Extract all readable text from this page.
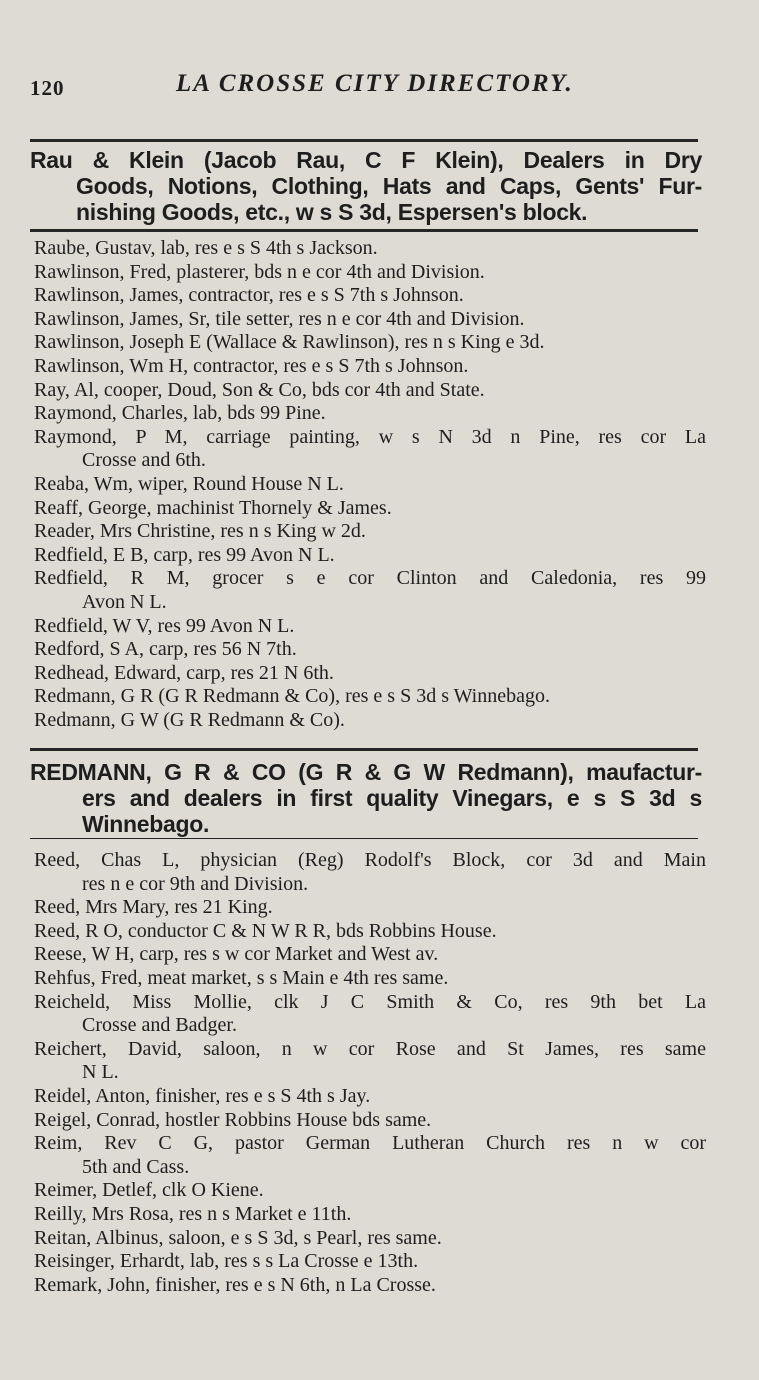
120	LA CROSSE CITY DIRECTORY.
Rau & Klein (Jacob Rau, C F Klein), Dealers in Dry
Goods, Notions, Clothing, Hats and Caps, Gents' Fur-
nishing Goods, etc., w s S 3d, Espersen's block.
Raube, Gustav, lab, res e s S 4th s Jackson.
Rawlinson, Fred, plasterer, bds n e cor 4th and Division.
Rawlinson, James, contractor, res e s S 7th s Johnson.
Rawlinson, James, Sr, tile setter, res n e cor 4th and Division.
Rawlinson, Joseph E (Wallace & Rawlinson), res n s King e 3d.
Rawlinson, Wm H, contractor, res e s S 7th s Johnson.
Ray, Al, cooper, Doud, Son & Co, bds cor 4th and State.
Raymond, Charles, lab, bds 99 Pine.
Raymond, P M, carriage painting, w s N 3d n Pine, res cor La
Crosse and 6th.
Reaba, Wm, wiper, Round House N L.
Reaff, George, machinist Thornely & James.
Reader, Mrs Christine, res n s King w 2d.
Redfield, E B, carp, res 99 Avon N L.
Redfield, R M, grocer s e cor Clinton and Caledonia, res 99
Avon N L.
Redfield, W V, res 99 Avon N L.
Redford, S A, carp, res 56 N 7th.
Redhead, Edward, carp, res 21 N 6th.
Redmann, G R (G R Redmann & Co), res e s S 3d s Winnebago.
Redmann, G W (G R Redmann & Co).
REDMANN, G R & CO (G R & G W Redmann), maufactur-
ers and dealers in first quality Vinegars, e s S 3d s
Winnebago.
Reed, Chas L, physician (Reg) Rodolf's Block, cor 3d and Main
res n e cor 9th and Division.
Reed, Mrs Mary, res 21 King.
Reed, R O, conductor C & N W R R, bds Robbins House.
Reese, W H, carp, res s w cor Market and West av.
Rehfus, Fred, meat market, s s Main e 4th res same.
Reicheld, Miss Mollie, clk J C Smith & Co, res 9th bet La
Crosse and Badger.
Reichert, David, saloon, n w cor Rose and St James, res same
N L.
Reidel, Anton, finisher, res e s S 4th s Jay.
Reigel, Conrad, hostler Robbins House bds same.
Reim, Rev C G, pastor German Lutheran Church res n w cor
5th and Cass.
Reimer, Detlef, clk O Kiene.
Reilly, Mrs Rosa, res n s Market e 11th.
Reitan, Albinus, saloon, e s S 3d, s Pearl, res same.
Reisinger, Erhardt, lab, res s s La Crosse e 13th.
Remark, John, finisher, res e s N 6th, n La Crosse.
